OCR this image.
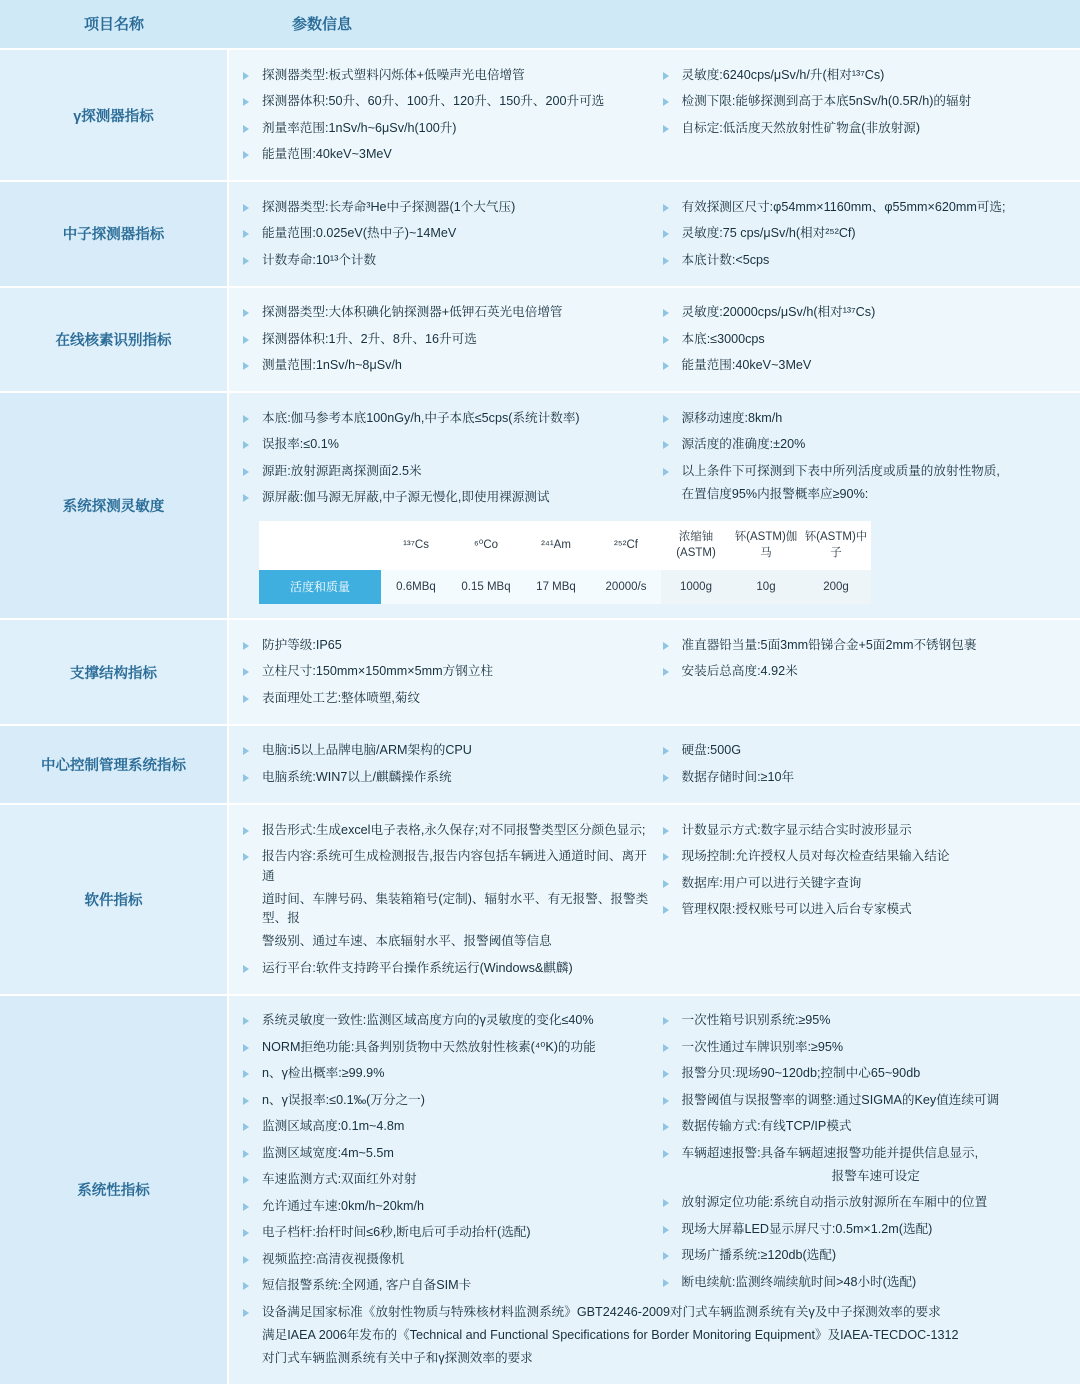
项目名称	参数信息
γ探测器指标	
探测器类型:板式塑料闪烁体+低噪声光电倍增管
探测器体积:50升、60升、100升、120升、150升、200升可选
剂量率范围:1nSv/h~6μSv/h(100升)
能量范围:40keV~3MeV
灵敏度:6240cps/μSv/h/升(相对¹³⁷Cs)
检测下限:能够探测到高于本底5nSv/h(0.5R/h)的辐射
自标定:低活度天然放射性矿物盒(非放射源)

中子探测器指标	
探测器类型:长寿命³He中子探测器(1个大气压)
能量范围:0.025eV(热中子)~14MeV
计数寿命:10¹³个计数
有效探测区尺寸:φ54mm×1160mm、φ55mm×620mm可选;
灵敏度:75 cps/μSv/h(相对²⁵²Cf)
本底计数:<5cps

在线核素识别指标	
探测器类型:大体积碘化钠探测器+低钾石英光电倍增管
探测器体积:1升、2升、8升、16升可选
测量范围:1nSv/h~8μSv/h
灵敏度:20000cps/μSv/h(相对¹³⁷Cs)
本底:≤3000cps
能量范围:40keV~3MeV

系统探测灵敏度	
本底:伽马参考本底100nGy/h,中子本底≤5cps(系统计数率)
误报率:≤0.1%
源距:放射源距离探测面2.5米
源屏蔽:伽马源无屏蔽,中子源无慢化,即使用裸源测试
源移动速度:8km/h
源活度的准确度:±20%
以上条件下可探测到下表中所列活度或质量的放射性物质,
在置信度95%内报警概率应≥90%:
同位素或 SNM	¹³⁷Cs	⁶⁰Co	²⁴¹Am	²⁵²Cf	浓缩铀(ASTM)	钚(ASTM)伽马	钚(ASTM)中子
活度和质量	0.6MBq	0.15 MBq	17 MBq	20000/s	1000g	10g	200g

支撑结构指标	
防护等级:IP65
立柱尺寸:150mm×150mm×5mm方钢立柱
表面理处工艺:整体喷塑,菊纹
准直器铅当量:5面3mm铅锑合金+5面2mm不锈钢包裹
安装后总高度:4.92米

中心控制管理系统指标	
电脑:i5以上品牌电脑/ARM架构的CPU
电脑系统:WIN7以上/麒麟操作系统
硬盘:500G
数据存储时间:≥10年

软件指标	
报告形式:生成excel电子表格,永久保存;对不同报警类型区分颜色显示;
报告内容:系统可生成检测报告,报告内容包括车辆进入通道时间、离开通
道时间、车牌号码、集装箱箱号(定制)、辐射水平、有无报警、报警类型、报
警级别、通过车速、本底辐射水平、报警阈值等信息
运行平台:软件支持跨平台操作系统运行(Windows&麒麟)
计数显示方式:数字显示结合实时波形显示
现场控制:允许授权人员对每次检查结果输入结论
数据库:用户可以进行关键字查询
管理权限:授权账号可以进入后台专家模式

系统性指标	
系统灵敏度一致性:监测区域高度方向的γ灵敏度的变化≤40%
NORM拒绝功能:具备判别货物中天然放射性核素(⁴⁰K)的功能
n、γ检出概率:≥99.9%
n、γ误报率:≤0.1‰(万分之一)
监测区域高度:0.1m~4.8m
监测区域宽度:4m~5.5m
车速监测方式:双面红外对射
允许通过车速:0km/h~20km/h
电子档杆:抬杆时间≤6秒,断电后可手动抬杆(选配)
视频监控:高清夜视摄像机
短信报警系统:全网通, 客户自备SIM卡
一次性箱号识别系统:≥95%
一次性通过车牌识别率:≥95%
报警分贝:现场90~120db;控制中心65~90db
报警阈值与误报警率的调整:通过SIGMA的Key值连续可调
数据传输方式:有线TCP/IP模式
车辆超速报警:具备车辆超速报警功能并提供信息显示,
报警车速可设定
放射源定位功能:系统自动指示放射源所在车厢中的位置
现场大屏幕LED显示屏尺寸:0.5m×1.2m(选配)
现场广播系统:≥120db(选配)
断电续航:监测终端续航时间>48小时(选配)
设备满足国家标准《放射性物质与特殊核材料监测系统》GBT24246-2009对门式车辆监测系统有关γ及中子探测效率的要求
满足IAEA 2006年发布的《Technical and Functional Specifications for Border Monitoring Equipment》及IAEA-TECDOC-1312
对门式车辆监测系统有关中子和γ探测效率的要求
